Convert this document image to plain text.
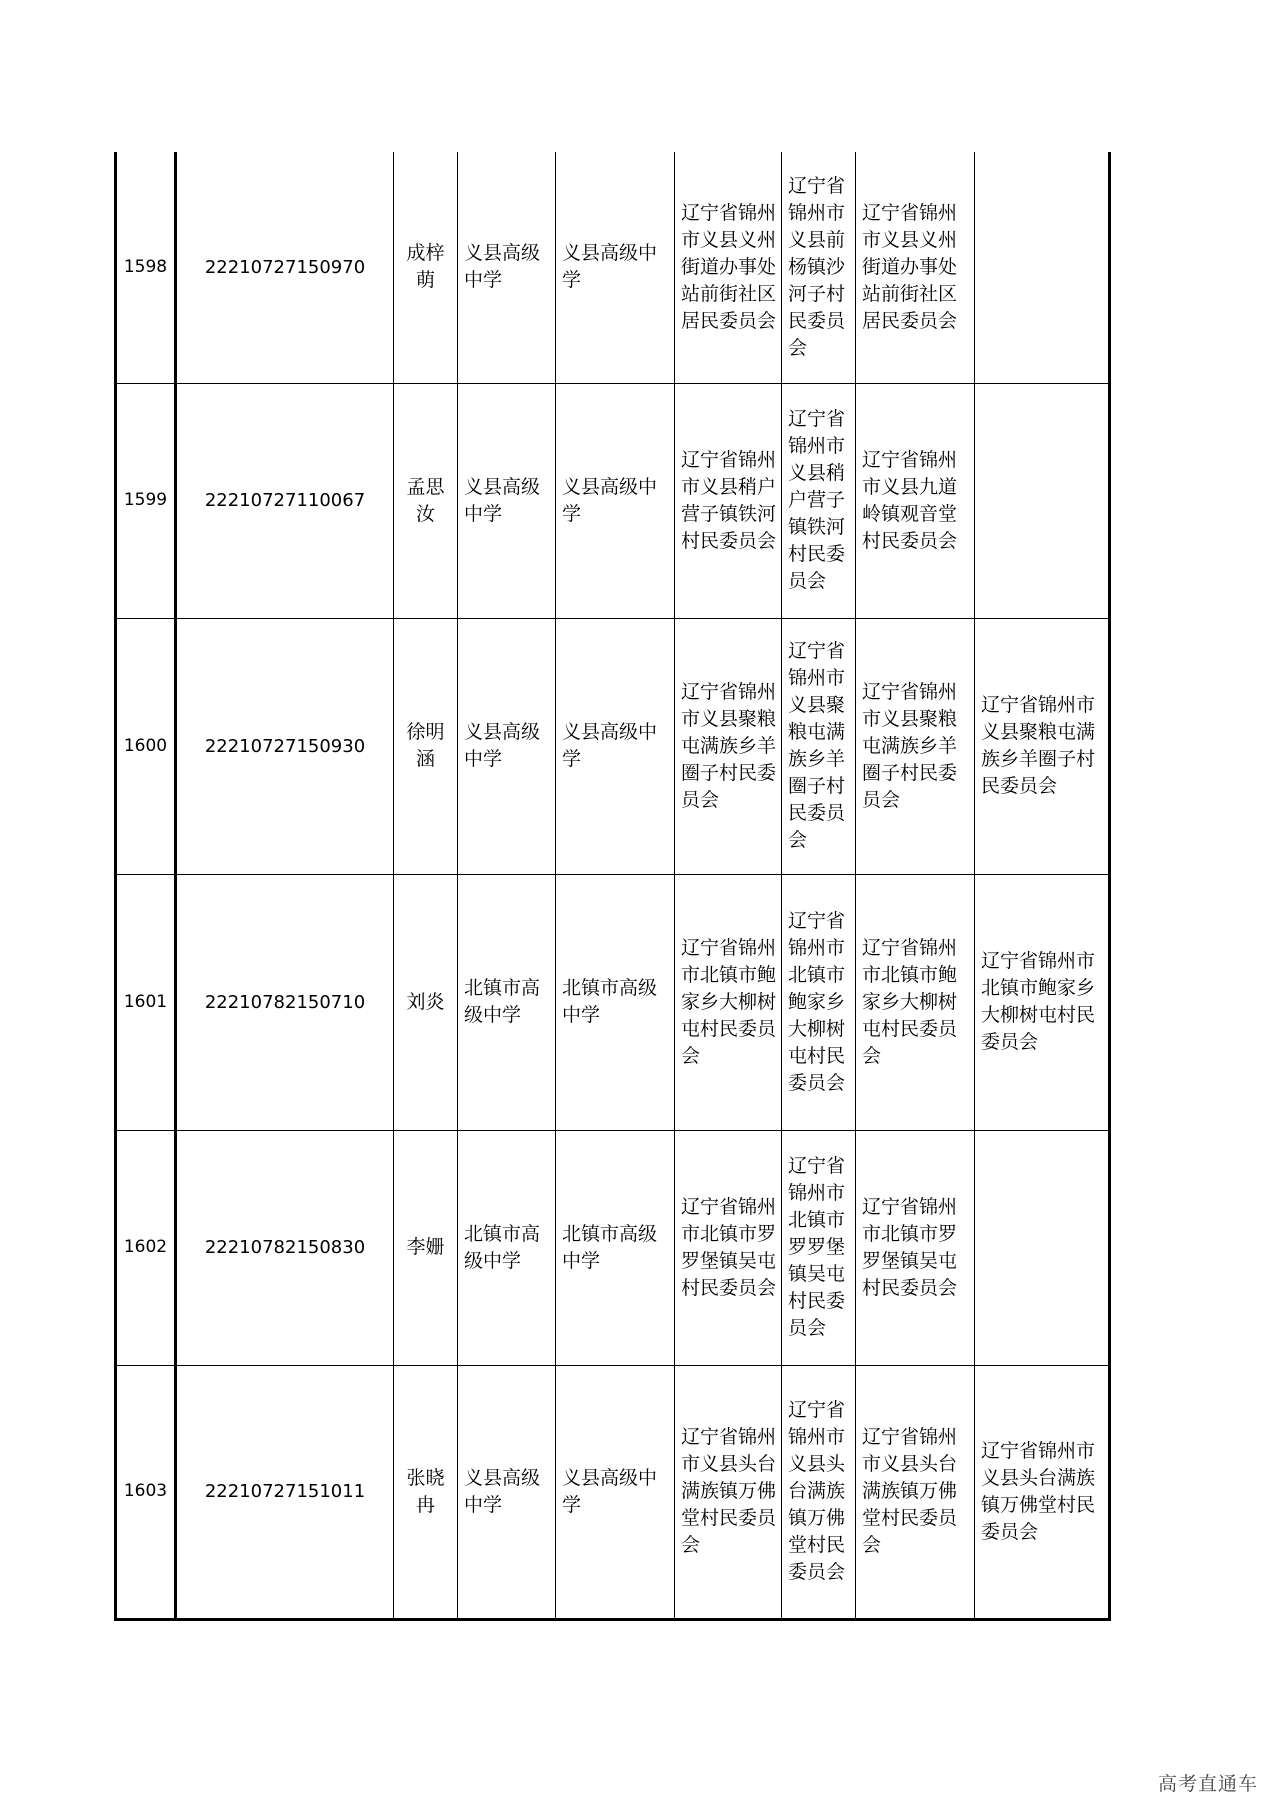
1598	22210727150970	成梓萌	义县高级中学	义县高级中学	辽宁省锦州市义县义州街道办事处站前街社区居民委员会	辽宁省锦州市义县前杨镇沙河子村民委员会	辽宁省锦州市义县义州街道办事处站前街社区居民委员会	
1599	22210727110067	孟思汝	义县高级中学	义县高级中学	辽宁省锦州市义县稍户营子镇铁河村民委员会	辽宁省锦州市义县稍户营子镇铁河村民委员会	辽宁省锦州市义县九道岭镇观音堂村民委员会	
1600	22210727150930	徐明涵	义县高级中学	义县高级中学	辽宁省锦州市义县聚粮屯满族乡羊圈子村民委员会	辽宁省锦州市义县聚粮屯满族乡羊圈子村民委员会	辽宁省锦州市义县聚粮屯满族乡羊圈子村民委员会	辽宁省锦州市义县聚粮屯满族乡羊圈子村民委员会
1601	22210782150710	刘炎	北镇市高级中学	北镇市高级中学	辽宁省锦州市北镇市鲍家乡大柳树屯村民委员会	辽宁省锦州市北镇市鲍家乡大柳树屯村民委员会	辽宁省锦州市北镇市鲍家乡大柳树屯村民委员会	辽宁省锦州市北镇市鲍家乡大柳树屯村民委员会
1602	22210782150830	李姗	北镇市高级中学	北镇市高级中学	辽宁省锦州市北镇市罗罗堡镇吴屯村民委员会	辽宁省锦州市北镇市罗罗堡镇吴屯村民委员会	辽宁省锦州市北镇市罗罗堡镇吴屯村民委员会	
1603	22210727151011	张晓冉	义县高级中学	义县高级中学	辽宁省锦州市义县头台满族镇万佛堂村民委员会	辽宁省锦州市义县头台满族镇万佛堂村民委员会	辽宁省锦州市义县头台满族镇万佛堂村民委员会	辽宁省锦州市义县头台满族镇万佛堂村民委员会
高考直通车
